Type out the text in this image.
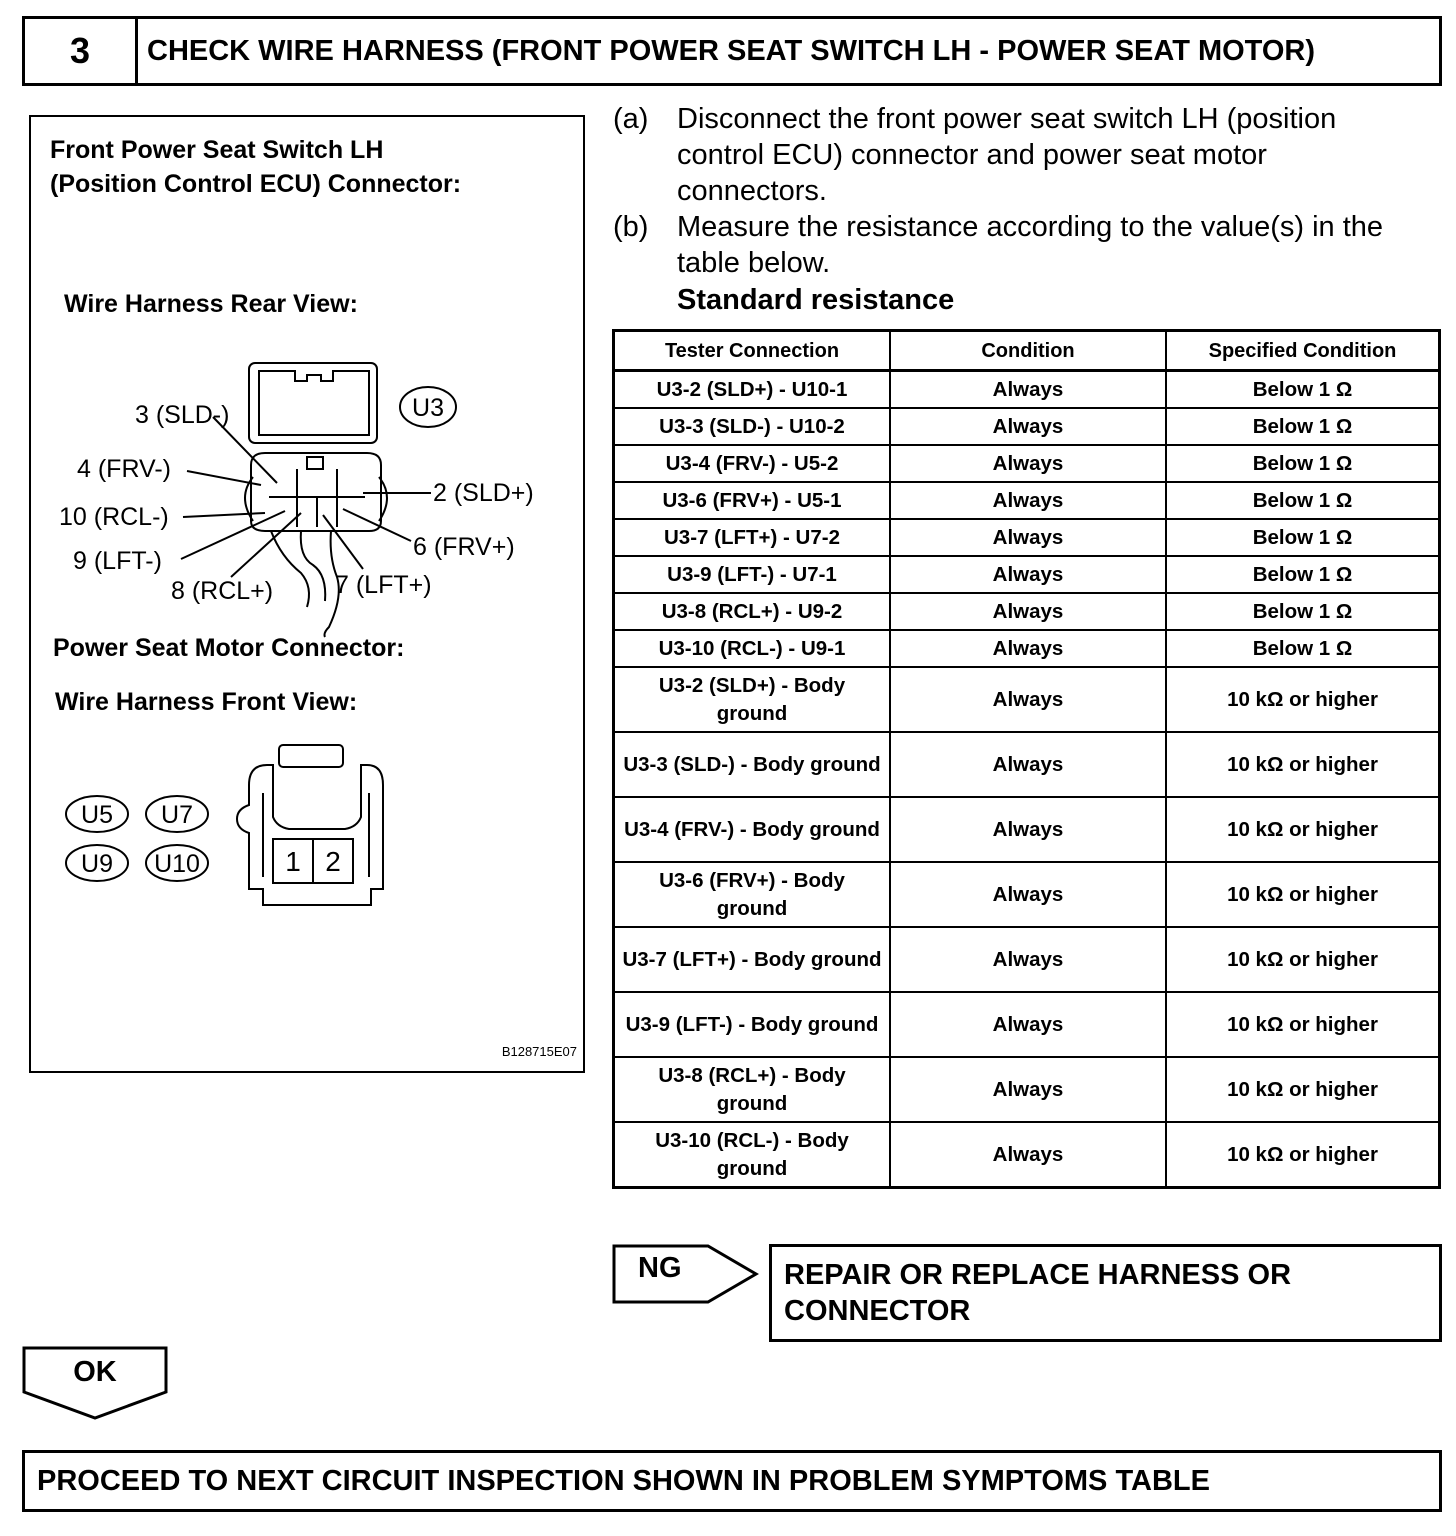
3	CHECK WIRE HARNESS (FRONT POWER SEAT SWITCH LH - POWER SEAT MOTOR)
Front Power Seat Switch LH
(Position Control ECU) Connector:
Wire Harness Rear View:
3 (SLD-)
4 (FRV-)
2 (SLD+)
10 (RCL-)
9 (LFT-)	6 (FRV+)
8 (RCL+) 7 (LFT+)
U3
U5 U7
U9 U10	1 2
Power Seat Motor Connector:
Wire Harness Front View:
B128715E07
(a) Disconnect the front power seat switch LH (position
control ECU) connector and power seat motor
connectors.
(b) Measure the resistance according to the value(s) in the
table below.
Standard resistance
Tester Connection	Condition	Specified Condition
U3-2 (SLD+) - U10-1	Always	Below 1 Ω
U3-3 (SLD-) - U10-2	Always	Below 1 Ω
U3-4 (FRV-) - U5-2	Always	Below 1 Ω
U3-6 (FRV+) - U5-1	Always	Below 1 Ω
U3-7 (LFT+) - U7-2	Always	Below 1 Ω
U3-9 (LFT-) - U7-1	Always	Below 1 Ω
U3-8 (RCL+) - U9-2	Always	Below 1 Ω
U3-10 (RCL-) - U9-1	Always	Below 1 Ω
U3-2 (SLD+) - Body ground	Always	10 kΩ or higher
U3-3 (SLD-) - Body ground	Always	10 kΩ or higher
U3-4 (FRV-) - Body ground	Always	10 kΩ or higher
U3-6 (FRV+) - Body ground	Always	10 kΩ or higher
U3-7 (LFT+) - Body ground	Always	10 kΩ or higher
U3-9 (LFT-) - Body ground	Always	10 kΩ or higher
U3-8 (RCL+) - Body ground	Always	10 kΩ or higher
U3-10 (RCL-) - Body ground	Always	10 kΩ or higher
NG	REPAIR OR REPLACE HARNESS OR
CONNECTOR
OK
PROCEED TO NEXT CIRCUIT INSPECTION SHOWN IN PROBLEM SYMPTOMS TABLE
